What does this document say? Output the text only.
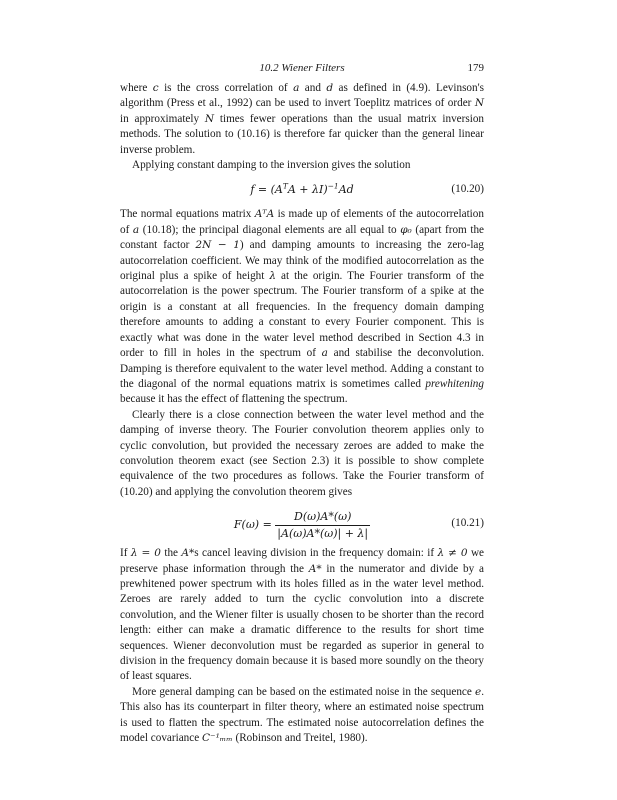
10.2 Wiener Filters	179

where c is the cross correlation of a and d as defined in (4.9). Levinson's algorithm (Press et al., 1992) can be used to invert Toeplitz matrices of order N in approximately N times fewer operations than the usual matrix inversion methods. The solution to (10.16) is therefore far quicker than the general linear inverse problem.

Applying constant damping to the inversion gives the solution

$f = (A^TA + \lambda I)^{-1}Ad$	(10.20)

The normal equations matrix AᵀA is made up of elements of the autocorrelation of a (10.18); the principal diagonal elements are all equal to φ₀ (apart from the constant factor 2N − 1) and damping amounts to increasing the zero-lag autocorrelation coefficient. We may think of the modified autocorrelation as the original plus a spike of height λ at the origin. The Fourier transform of the autocorrelation is the power spectrum. The Fourier transform of a spike at the origin is a constant at all frequencies. In the frequency domain damping therefore amounts to adding a constant to every Fourier component. This is exactly what was done in the water level method described in Section 4.3 in order to fill in holes in the spectrum of a and stabilise the deconvolution. Damping is therefore equivalent to the water level method. Adding a constant to the diagonal of the normal equations matrix is sometimes called prewhitening because it has the effect of flattening the spectrum.

Clearly there is a close connection between the water level method and the damping of inverse theory. The Fourier convolution theorem applies only to cyclic convolution, but provided the necessary zeroes are added to make the convolution theorem exact (see Section 2.3) it is possible to show complete equivalence of the two procedures as follows. Take the Fourier transform of (10.20) and applying the convolution theorem gives

$F(\omega) = \frac{D(\omega)A*(\omega)}{|A(\omega)A*(\omega)| + \lambda|}$	(10.21)

If λ = 0 the A*s cancel leaving division in the frequency domain: if λ ≠ 0 we preserve phase information through the A* in the numerator and divide by a prewhitened power spectrum with its holes filled as in the water level method. Zeroes are rarely added to turn the cyclic convolution into a discrete convolution, and the Wiener filter is usually chosen to be shorter than the record length: either can make a dramatic difference to the results for short time sequences. Wiener deconvolution must be regarded as superior in general to division in the frequency domain because it is based more soundly on the theory of least squares.

More general damping can be based on the estimated noise in the sequence e. This also has its counterpart in filter theory, where an estimated noise spectrum is used to flatten the spectrum. The estimated noise autocorrelation defines the model covariance C⁻¹ₘₘ (Robinson and Treitel, 1980).
